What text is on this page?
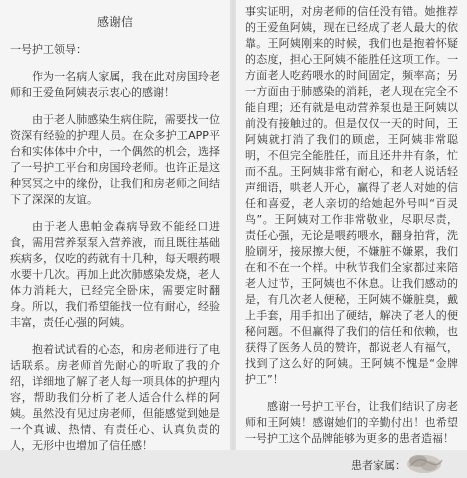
感谢信

一号护工领导：

作为一名病人家属，我在此对房国玲老师和王爱鱼阿姨表示衷心的感谢！

由于老人肺感染生病住院，需要找一位资深有经验的护理人员。在众多护工APP平台和实体体中介中，一个偶然的机会，选择了一号护工平台和房国玲老师。也许正是这种冥冥之中的缘份，让我们和房老师之间结下了深深的友谊。

由于老人患帕金森病导致不能经口进食，需用营养泵泵入营养液，而且既往基础疾病多，仅吃的药就有十几种，每天喂药喂水要十几次。再加上此次肺感染发烧，老人体力消耗大，已经完全卧床，需要定时翻身。所以，我们希望能找一位有耐心，经验丰富，责任心强的阿姨。

抱着试试看的心态，和房老师进行了电话联系。房老师首先耐心的听取了我的介绍，详细地了解了老人每一项具体的护理内容，帮助我们分析了老人适合什么样的阿姨。虽然没有见过房老师，但能感觉到她是一个真诚、热情、有责任心、认真负责的人，无形中也增加了信任感！

事实证明，对房老师的信任没有错。她推荐的王爱鱼阿姨，现在已经成了老人最大的依靠。王阿姨刚来的时候，我们也是抱着怀疑的态度，担心王阿姨不能胜任这项工作。一方面老人吃药喂水的时间固定，频率高；另一方面由于肺感染的消耗，老人现在完全不能自理；还有就是电动营养泵也是王阿姨以前没有接触过的。但是仅仅一天的时间，王阿姨就打消了我们的顾虑，王阿姨非常聪明，不但完全能胜任，而且还井井有条，忙而不乱。王阿姨非常有耐心，和老人说话轻声细语，哄老人开心，赢得了老人对她的信任和喜爱，老人亲切的给她起外号叫“百灵鸟”。王阿姨对工作非常敬业，尽职尽责，责任心强，无论是喂药喂水，翻身拍背，洗脸刷牙，接尿擦大便，不嫌脏不嫌累，我们在和不在一个样。中秋节我们全家都过来陪老人过节，王阿姨也不休息。让我们感动的是，有几次老人便秘，王阿姨不嫌脏臭，戴上手套，用手扣出了硬结，解决了老人的便秘问题。不但赢得了我们的信任和依赖，也获得了医务人员的赞许，都说老人有福气，找到了这么好的阿姨。王阿姨不愧是“金牌护工”！

感谢一号护工平台，让我们结识了房老师和王阿姨！感谢她们的辛勤付出！也希望一号护工这个品牌能够为更多的患者造福！

患者家属：
